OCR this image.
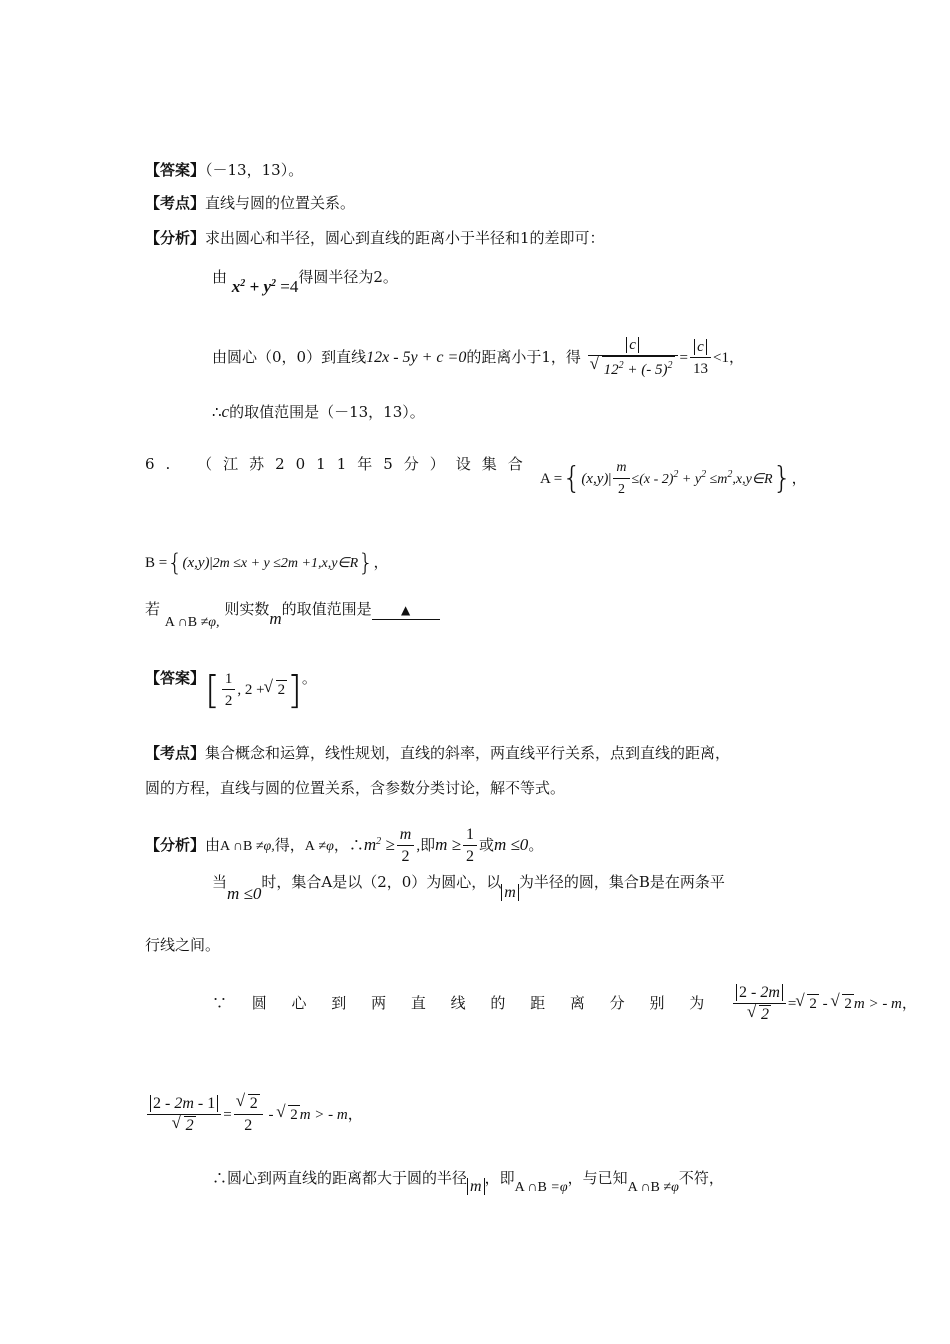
【答案】（－13，13）。
【考点】直线与圆的位置关系。
【分析】求出圆心和半径，圆心到直线的距离小于半径和1的差即可：
由 $x^2 + y^2 =4$得圆半径为2。
由圆心（0，0）到直线12x - 5y + c =0的距离小于1，得 c
√ $12^2$ + (- $5)^2 = \frac{c}{13} <1$，
∴c的取值范围是（－13，13）。
6. （江苏2011年5分）设集合
$A =\{(x,y)| \frac{m}{2} \le(x - 2)^2 + y^2$ $\le m^2,x,y\in R$}，
B ={(x,y)|2m ≤x + y ≤2m +1,x,y∈R}，
若 A ∩B ≠φ, 则实数m的取值范围是 ▲
【答案】[ $\frac{1}{2}$ , 2 + √ 2]。
【考点】集合概念和运算，线性规划，直线的斜率，两直线平行关系，点到直线的距离，
圆的方程，直线与圆的位置关系，含参数分类讨论，解不等式。
【分析】由A ∩B ≠φ,得，A ≠φ，$\therefore m^2 \ge \frac{m}{2}$ ,即$m \ge \frac{1}{2}$ 或m ≤0。
当m ≤0时，集合A是以（2，0）为圆心，以m为半径的圆，集合B是在两条平
行线之间。
∵ 圆 心 到 两 直 线 的 距 离 分 别 为 2 - 2m
√ 2 = √ 2 - √ 2 m > - m，
2 - 2m - 1
√ 2 = √ $\frac{2}{2}$ - √ 2 m > - m，
∴圆心到两直线的距离都大于圆的半径 m ，即A ∩B =φ，与已知A ∩B ≠φ不符，
